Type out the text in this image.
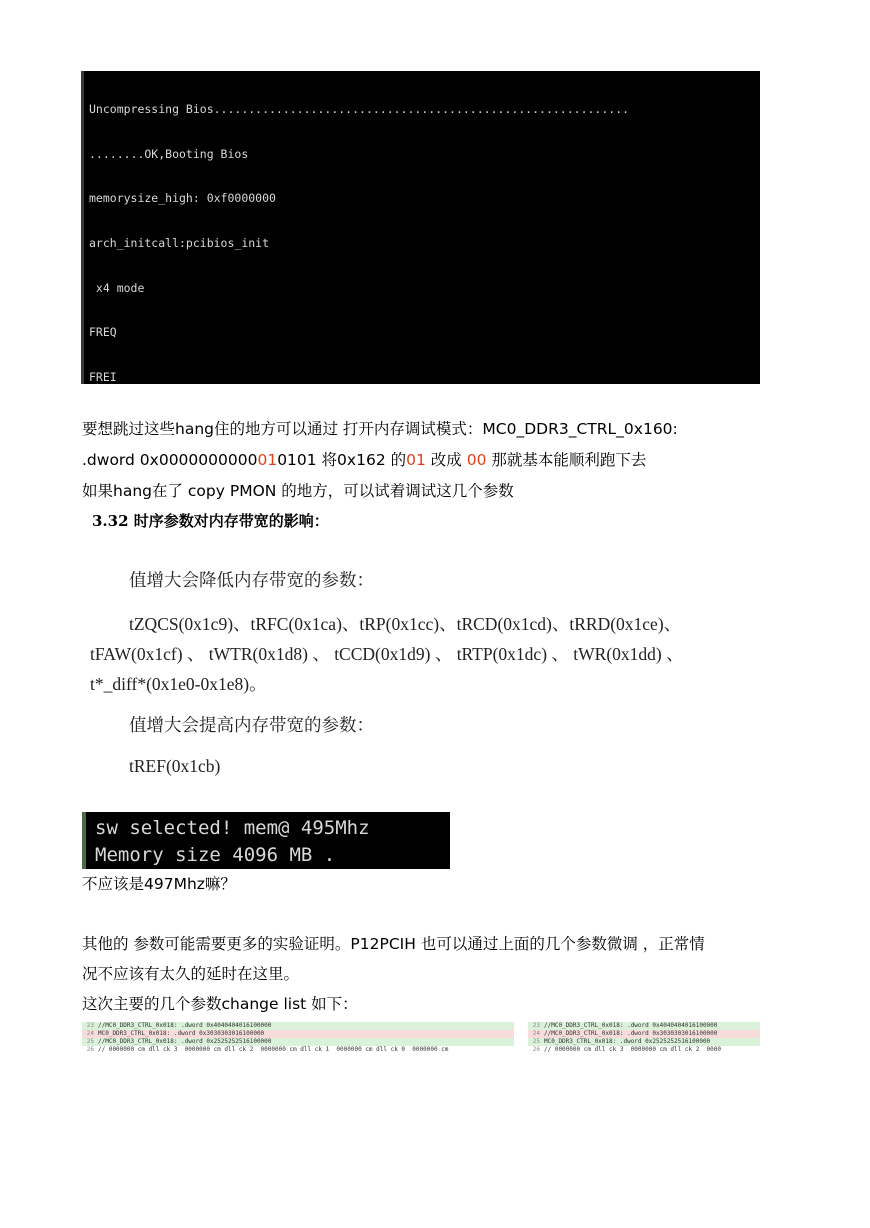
Uncompressing Bios............................................................

........OK,Booting Bios

memorysize_high: 0xf0000000

arch_initcall:pcibios_init

x4 mode

FREQ

FREI

要想跳过这些hang住的地方可以通过 打开内存调试模式：MC0_DDR3_CTRL_0x160:
.dword 0x0000000000010101 将0x162 的01 改成 00 那就基本能顺利跑下去
如果hang在了 copy PMON 的地方，可以试着调试这几个参数
3.32 时序参数对内存带宽的影响：
值增大会降低内存带宽的参数：
tZQCS(0x1c9)、tRFC(0x1ca)、tRP(0x1cc)、tRCD(0x1cd)、tRRD(0x1ce)、
tFAW(0x1cf) 、 tWTR(0x1d8) 、 tCCD(0x1d9) 、 tRTP(0x1dc) 、 tWR(0x1dd) 、
t*_diff*(0x1e0-0x1e8)。
值增大会提高内存带宽的参数：
tREF(0x1cb)
sw selected! mem@ 495Mhz
Memory size 4096 MB .
不应该是497Mhz嘛？
其他的 参数可能需要更多的实验证明。P12PCIH 也可以通过上面的几个参数微调 ，正常情
况不应该有太久的延时在这里。
这次主要的几个参数change list 如下：
23 //MC0_DDR3_CTRL_0x018: .dword 0x4040404016100000
24 MC0_DDR3_CTRL_0x018: .dword 0x3030303016100000
25 //MC0_DDR3_CTRL_0x018: .dword 0x2525252516100000
26 // 0000000 cm dll ck 3  0000000 cm dll ck 2  0000000 cm dll ck 1  0000000 cm dll ck 0  0000000 cm
23 //MC0_DDR3_CTRL_0x018: .dword 0x4040404016100000
24 //MC0_DDR3_CTRL_0x018: .dword 0x3030303016100000
25 MC0_DDR3_CTRL_0x018: .dword 0x2525252516100000
26 // 0000000 cm dll ck 3  0000000 cm dll ck 2  0000
